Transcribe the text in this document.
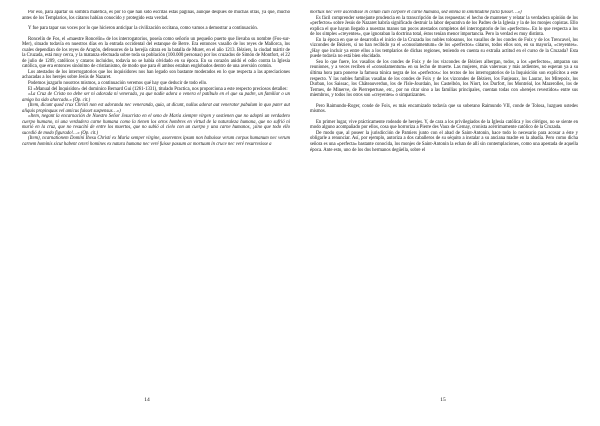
Por eso, para apartar su sombra maléfica, es por lo que han sido escritas estas páginas, aunque después de muchas otras, ya que, mucho antes de los Templarios, los cátaros habían conocido y protegido esta verdad.

Y fue para tapar sus voces por lo que hicieron anticipar la civilización occitana, como vamos a demostrar a continuación.

Roncelín de Fos, el «maestre Roncelín» de los interrogatorios, poseía como señorío un pequeño puerto que llevaba su nombre (Fos-sur-Mer), situado todavía en nuestros días en la entrada occidental del estanque de Berre. Era entonces vasallo de los reyes de Mallorca, los cuales dependían de los reyes de Aragón, defensores de la herejía cátara en la batalla de Muret, en el año 1213. Béziers, la ciudad mártir de la Cruzada, está muy cerca, y la matanza efectuada sobre toda su población (100.000 personas) por los cruzados de Simón de Montfort, el 22 de julio de 1209, católicos y cataros incluidos, todavía no se había olvidado en su época. En su corazón anidó el odio contra la Iglesia católica, que era entonces sinónimo de cristianismo, de modo que para él ambos estaban englobados dentro de una aversión común.

Los atestados de los interrogatorios que los inquisidores nos han legado son bastante moderados en lo que respecta a las apreciaciones achacadas a los herejes sobre Jesús de Nazaret.

Podemos juzgarlo nosotros mismos, a continuación veremos qué hay que deducir de todo ello.

El «Manual del Inquisidor» del dominico Bernard Gui (1261-1331), titulado Practica, nos proporciona a este respecto preciosos detalles:

«La Cruz de Cristo no debe ser ni adorada ni venerada, ya que nadie adora o venera el patíbulo en el que su padre, un familiar o un amigo ha sido ahorcado.» (Op. cit.)

(Item, dicunt quod crux Christi non est adoranda nec veneranda, quia, ut dicunt, nullus adorat aut venerator pabulum in quo pater aut aliquis propinquus vel amicus fuisset suspensus…»)

«Item, negant la encarnación de Nuestro Señor Jesucristo en el seno de María siempre virgen y sostienen que no adoptó un verdadero cuerpo humano, ni una verdadera carne humana como la tienen los otros hombres en virtud de la naturaleza humana, que no sufrió ni murió en la cruz, que no resucitó de entre los muertos, que no subió al cielo con un cuerpo y una carne humanos, ¡sino que todo ello sucedió de modo figurado!…» (Op. cit.)

(Item), ncarnationem Domini Ihesu Christi ex Maria semper virgine, asserentes ipsum non habuisse verum corpus humanum nec verum carnem hominis sicut habent ceteri homines ex natura humana nec veré fuisse passum ac mortuum in cruce nec veré resurrexisse a

14

mortuis nec veré ascendisse in celum cum corpore et carne humana, sed omnia in similitudine facta fuisse!…»)

Es fácil comprender semejante prudencia en la transcripción de las respuestas: el hecho de mantener y relatar la verdadera opinión de los «perfectos» sobre Jesús de Nazaret habría significado destruir la labor depurativa de los Padres de la Iglesia y la de los monjes copistas. Ello explica el que hayan llegado a nuestras manos tan pocos atestados completos del interrogatorio de los «perfectos». En lo que respecta a los de los simples «creyentes», que ignoraban la doctrina total, éstos tenían menor importancia. Pero la verdad es muy distinta.

En la época en que se desarrolla el inicio de la Cruzada los nobles tolosanos, los vasallos de los condes de Foix y de los Trencavel, los vizcondes de Béziers, si no han recibido ya el «consolamentum» de los «perfectos» cátaros, todos ellos son, en su mayoría, «creyentes». ¿Hay que incluir ya entre ellos a los templarios de dichas regiones, teniendo en cuenta su extraña actitud en el curso de la Cruzada? Esta puede todavía no está bien elucidado.

Sea lo que fuere, los vasallos de los condes de Foix y de los vizcondes de Béziers albergan, todos, a los «perfectos», amparan sus reuniones, y a veces reciben el «consolamentum» en su lecho de muerte. Las mujeres, más valerosas y más ardientes, no esperan ya a su última hora para ponerse la famosa túnica negra de los «perfectos»: los textos de los interrogatorios de la Inquisición son explícitos a este respecto. Y las nobles familias vasallas de los condes de Foix y de los vizcondes de Béziers, los Fanjeaux, los Laurac, los Mirepoix, los Durban, los Saissac, los Châteauverdun, los de l'Isle-Jourdain, los Castelbón, los Niort, los Durfort, los Montréal, los Mazerolles, los de Termes, de Minerve, de Pierrepertuse, etc., por no citar sino a las familias principales, cuentan todas con «herejes revestidos» entre sus miembros, y todos los otros son «creyentes» o simpatizantes.

Pero Raimundo-Roger, conde de Foix, es más encarnizado todavía que su soberano Raimundo VII, conde de Tolosa, luzguen ustedes mismos.

En primer lugar, vive prácticamente rodeado de herejes. Y, de cara a los privilegiados de la Iglesia católica y los clérigos, no se siente en modo alguno acompañado por ellos, cosa que horroriza a Pierre des Vaux de Cernay, cronista acérrimamente católico de la Cruzada.

De modo que, al poseer la jurisdicción de Pamiers junto con el abad de Saint-Antonin, hace todo lo necesario para acosar a éste y obligarle a renunciar. Así, por ejemplo, autoriza a dos caballeros de su séquito a instalar a su anciana madre en la abadía. Pero como dicha señora es una «perfecta» bastante conocida, los monjes de Saint-Antonin la echan de allí sin contemplaciones, como una apestada de aquella época. Ante esto, uno de los dos hermanos degüella, sobre el

15
